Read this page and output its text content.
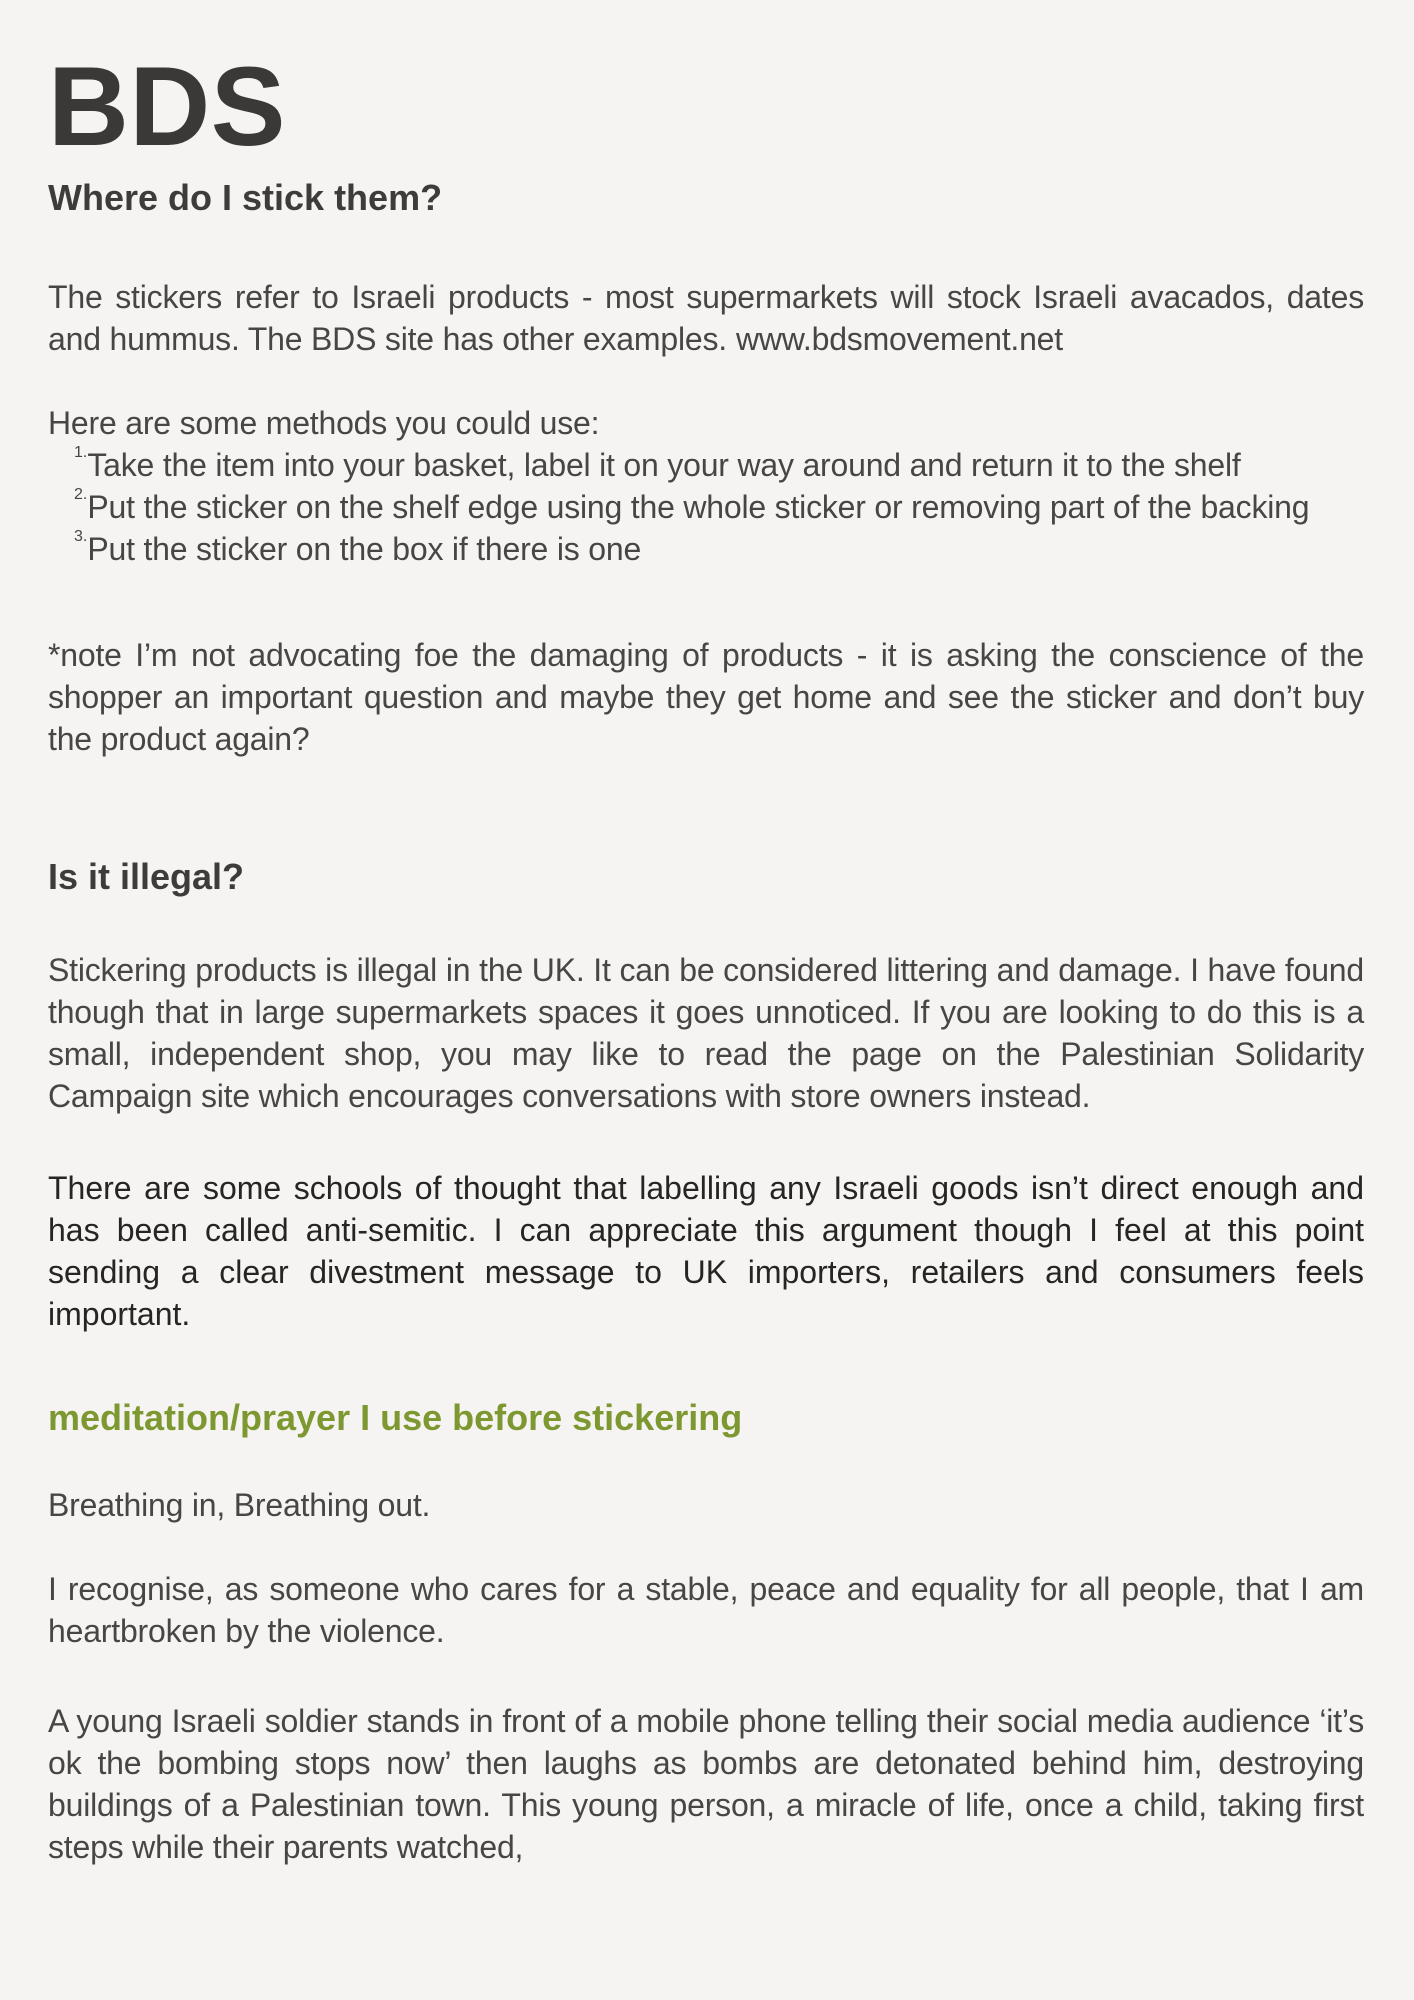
BDS
Where do I stick them?

The stickers refer to Israeli products - most supermarkets will stock Israeli avacados, dates and hummus. The BDS site has other examples. www.bdsmovement.net

Here are some methods you could use:

1. Take the item into your basket, label it on your way around and return it to the shelf
2. Put the sticker on the shelf edge using the whole sticker or removing part of the backing
3. Put the sticker on the box if there is one

*note I’m not advocating foe the damaging of products - it is asking the conscience of the shopper an important question and maybe they get home and see the sticker and don’t buy the product again?

Is it illegal?

Stickering products is illegal in the UK. It can be considered littering and damage. I have found though that in large supermarkets spaces it goes unnoticed. If you are looking to do this is a small, independent shop, you may like to read the page on the Palestinian Solidarity Campaign site which encourages conversations with store owners instead.

There are some schools of thought that labelling any Israeli goods isn’t direct enough and has been called anti-semitic. I can appreciate this argument though I feel at this point sending a clear divestment message to UK importers, retailers and consumers feels important.

meditation/prayer I use before stickering

Breathing in, Breathing out.

I recognise, as someone who cares for a stable, peace and equality for all people, that I am heartbroken by the violence.

A young Israeli soldier stands in front of a mobile phone telling their social media audience ‘it’s ok the bombing stops now’ then laughs as bombs are detonated behind him, destroying buildings of a Palestinian town. This young person, a miracle of life, once a child, taking first steps while their parents watched,
